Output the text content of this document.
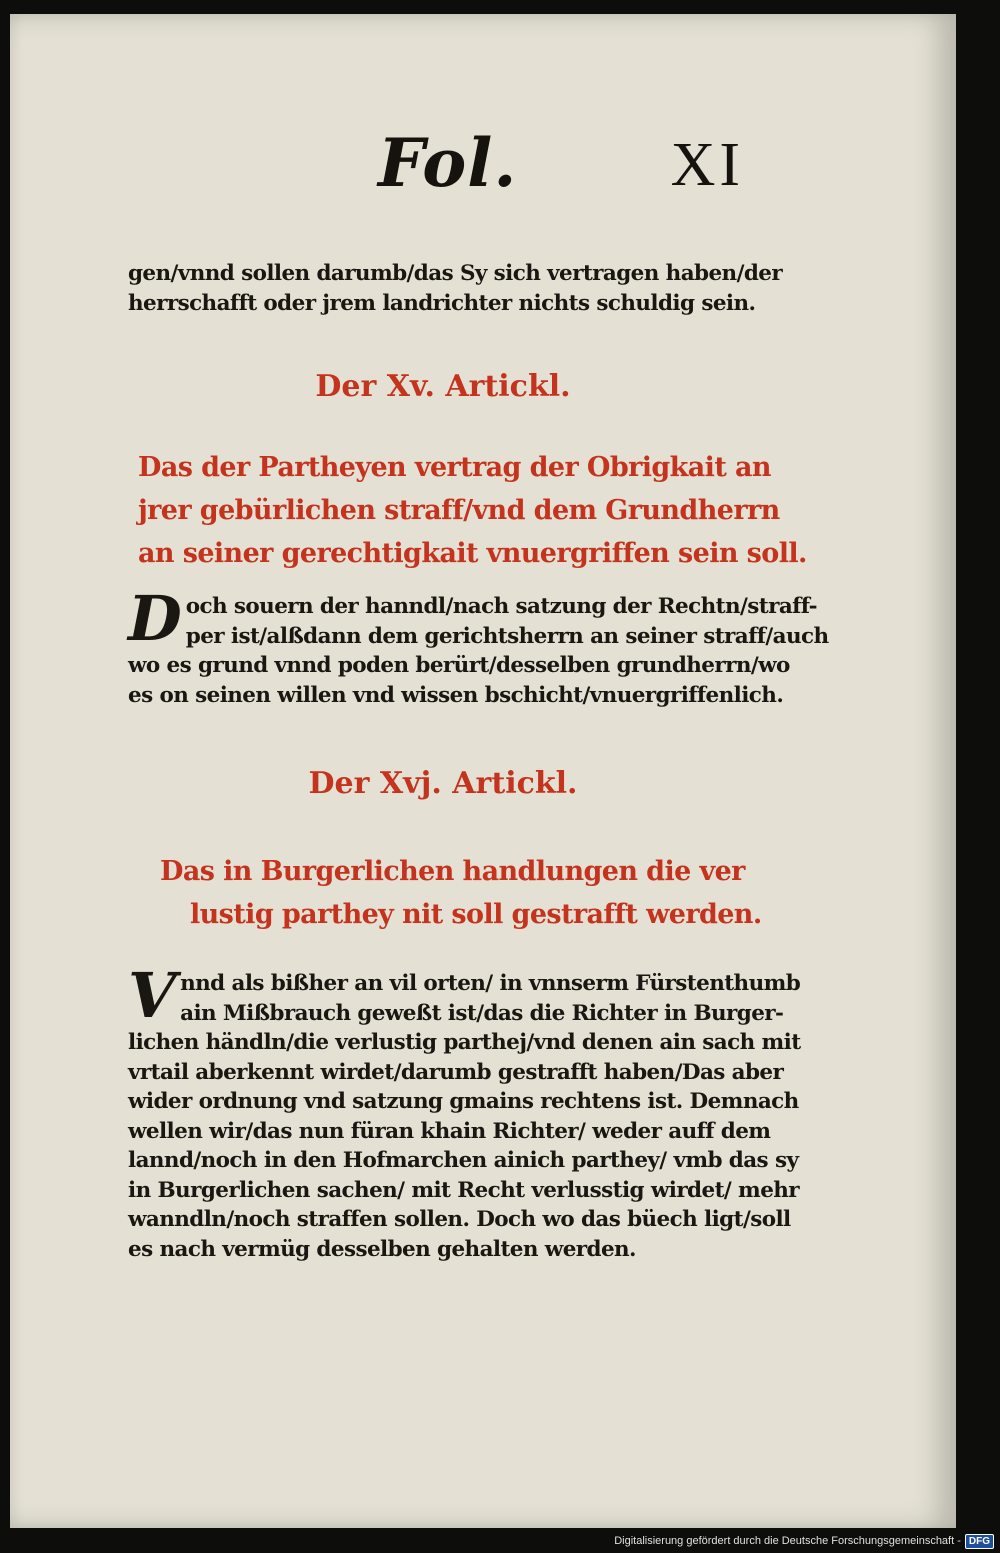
Fol. XI
gen/vnnd sollen darumb/das Sy sich vertragen haben/der
herrschafft oder jrem landrichter nichts schuldig sein.
Der Xv. Artickl.
Das der Partheyen vertrag der Obrigkait an
jrer gebürlichen straff/vnd dem Grundherrn
an seiner gerechtigkait vnuergriffen sein soll.
D och souern der hanndl/nach satzung der Rechtn/straff-
per ist/alßdann dem gerichtsherrn an seiner straff/auch
wo es grund vnnd poden berürt/desselben grundherrn/wo
es on seinen willen vnd wissen bschicht/vnuergriffenlich.
Der Xvj. Artickl.
Das in Burgerlichen handlungen die ver
lustig parthey nit soll gestrafft werden.
V nnd als bißher an vil orten/ in vnnserm Fürstenthumb
ain Mißbrauch geweßt ist/das die Richter in Burger-
lichen händln/die verlustig parthej/vnd denen ain sach mit
vrtail aberkennt wirdet/darumb gestrafft haben/Das aber
wider ordnung vnd satzung gmains rechtens ist. Demnach
wellen wir/das nun füran khain Richter/ weder auff dem
lannd/noch in den Hofmarchen ainich parthey/ vmb das sy
in Burgerlichen sachen/ mit Recht verlusstig wirdet/ mehr
wanndln/noch straffen sollen. Doch wo das büech ligt/soll
es nach vermüg desselben gehalten werden.
Digitalisierung gefördert durch die Deutsche Forschungsgemeinschaft - DFG
